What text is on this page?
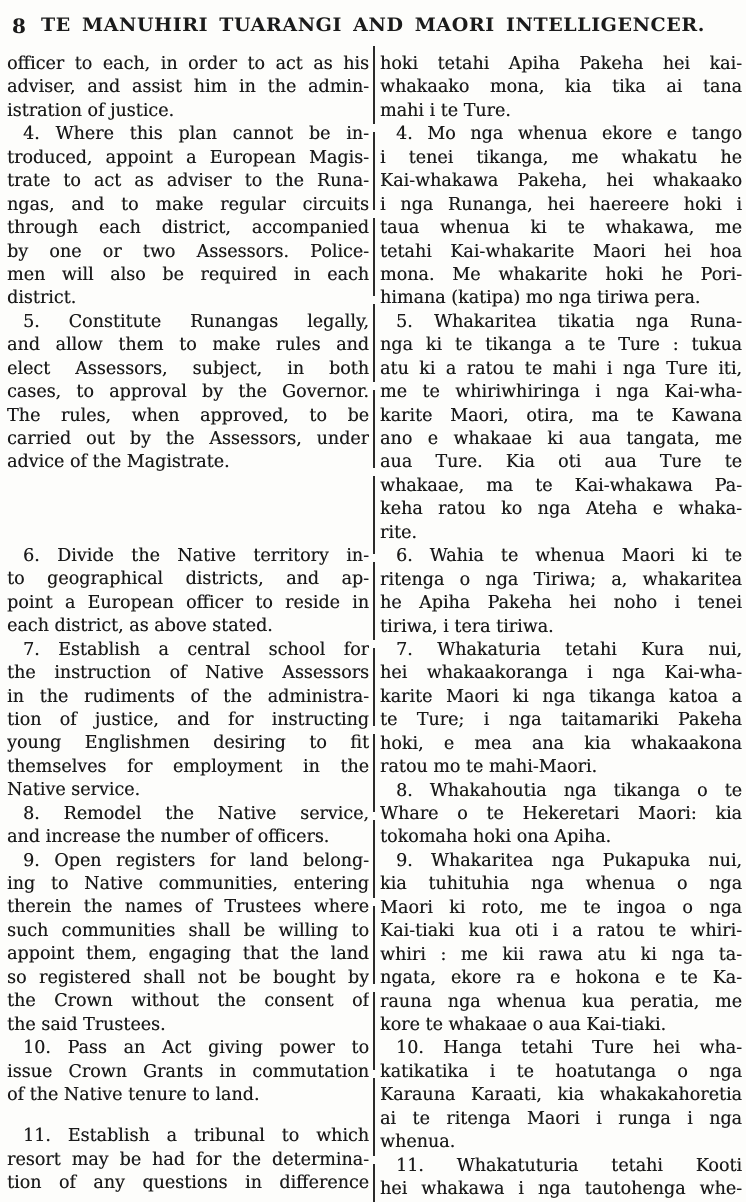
8 TE MANUHIRI TUARANGI AND MAORI INTELLIGENCER.
officer to each, in order to act as his
adviser, and assist him in the admin-
istration of justice.
4. Where this plan cannot be in-
troduced, appoint a European Magis-
trate to act as adviser to the Runa-
ngas, and to make regular circuits
through each district, accompanied
by one or two Assessors. Police-
men will also be required in each
district.
5. Constitute Runangas legally,
and allow them to make rules and
elect Assessors, subject, in both
cases, to approval by the Governor.
The rules, when approved, to be
carried out by the Assessors, under
advice of the Magistrate.
6. Divide the Native territory in-
to geographical districts, and ap-
point a European officer to reside in
each district, as above stated.
7. Establish a central school for
the instruction of Native Assessors
in the rudiments of the administra-
tion of justice, and for instructing
young Englishmen desiring to fit
themselves for employment in the
Native service.
8. Remodel the Native service,
and increase the number of officers.
9. Open registers for land belong-
ing to Native communities, entering
therein the names of Trustees where
such communities shall be willing to
appoint them, engaging that the land
so registered shall not be bought by
the Crown without the consent of
the said Trustees.
10. Pass an Act giving power to
issue Crown Grants in commutation
of the Native tenure to land.
11. Establish a tribunal to which
resort may be had for the determina-
tion of any questions in difference
hoki tetahi Apiha Pakeha hei kai-
whakaako mona, kia tika ai tana
mahi i te Ture.
4. Mo nga whenua ekore e tango
i tenei tikanga, me whakatu he
Kai-whakawa Pakeha, hei whakaako
i nga Runanga, hei haereere hoki i
taua whenua ki te whakawa, me
tetahi Kai-whakarite Maori hei hoa
mona. Me whakarite hoki he Pori-
himana (katipa) mo nga tiriwa pera.
5. Whakaritea tikatia nga Runa-
nga ki te tikanga a te Ture : tukua
atu ki a ratou te mahi i nga Ture iti,
me te whiriwhiringa i nga Kai-wha-
karite Maori, otira, ma te Kawana
ano e whakaae ki aua tangata, me
aua Ture. Kia oti aua Ture te
whakaae, ma te Kai-whakawa Pa-
keha ratou ko nga Ateha e whaka-
rite.
6. Wahia te whenua Maori ki te
ritenga o nga Tiriwa; a, whakaritea
he Apiha Pakeha hei noho i tenei
tiriwa, i tera tiriwa.
7. Whakaturia tetahi Kura nui,
hei whakaakoranga i nga Kai-wha-
karite Maori ki nga tikanga katoa a
te Ture; i nga taitamariki Pakeha
hoki, e mea ana kia whakaakona
ratou mo te mahi-Maori.
8. Whakahoutia nga tikanga o te
Whare o te Hekeretari Maori: kia
tokomaha hoki ona Apiha.
9. Whakaritea nga Pukapuka nui,
kia tuhituhia nga whenua o nga
Maori ki roto, me te ingoa o nga
Kai-tiaki kua oti i a ratou te whiri-
whiri : me kii rawa atu ki nga ta-
ngata, ekore ra e hokona e te Ka-
rauna nga whenua kua peratia, me
kore te whakaae o aua Kai-tiaki.
10. Hanga tetahi Ture hei wha-
katikatika i te hoatutanga o nga
Karauna Karaati, kia whakakahoretia
ai te ritenga Maori i runga i nga
whenua.
11. Whakatuturia tetahi Kooti
hei whakawa i nga tautohenga whe-
